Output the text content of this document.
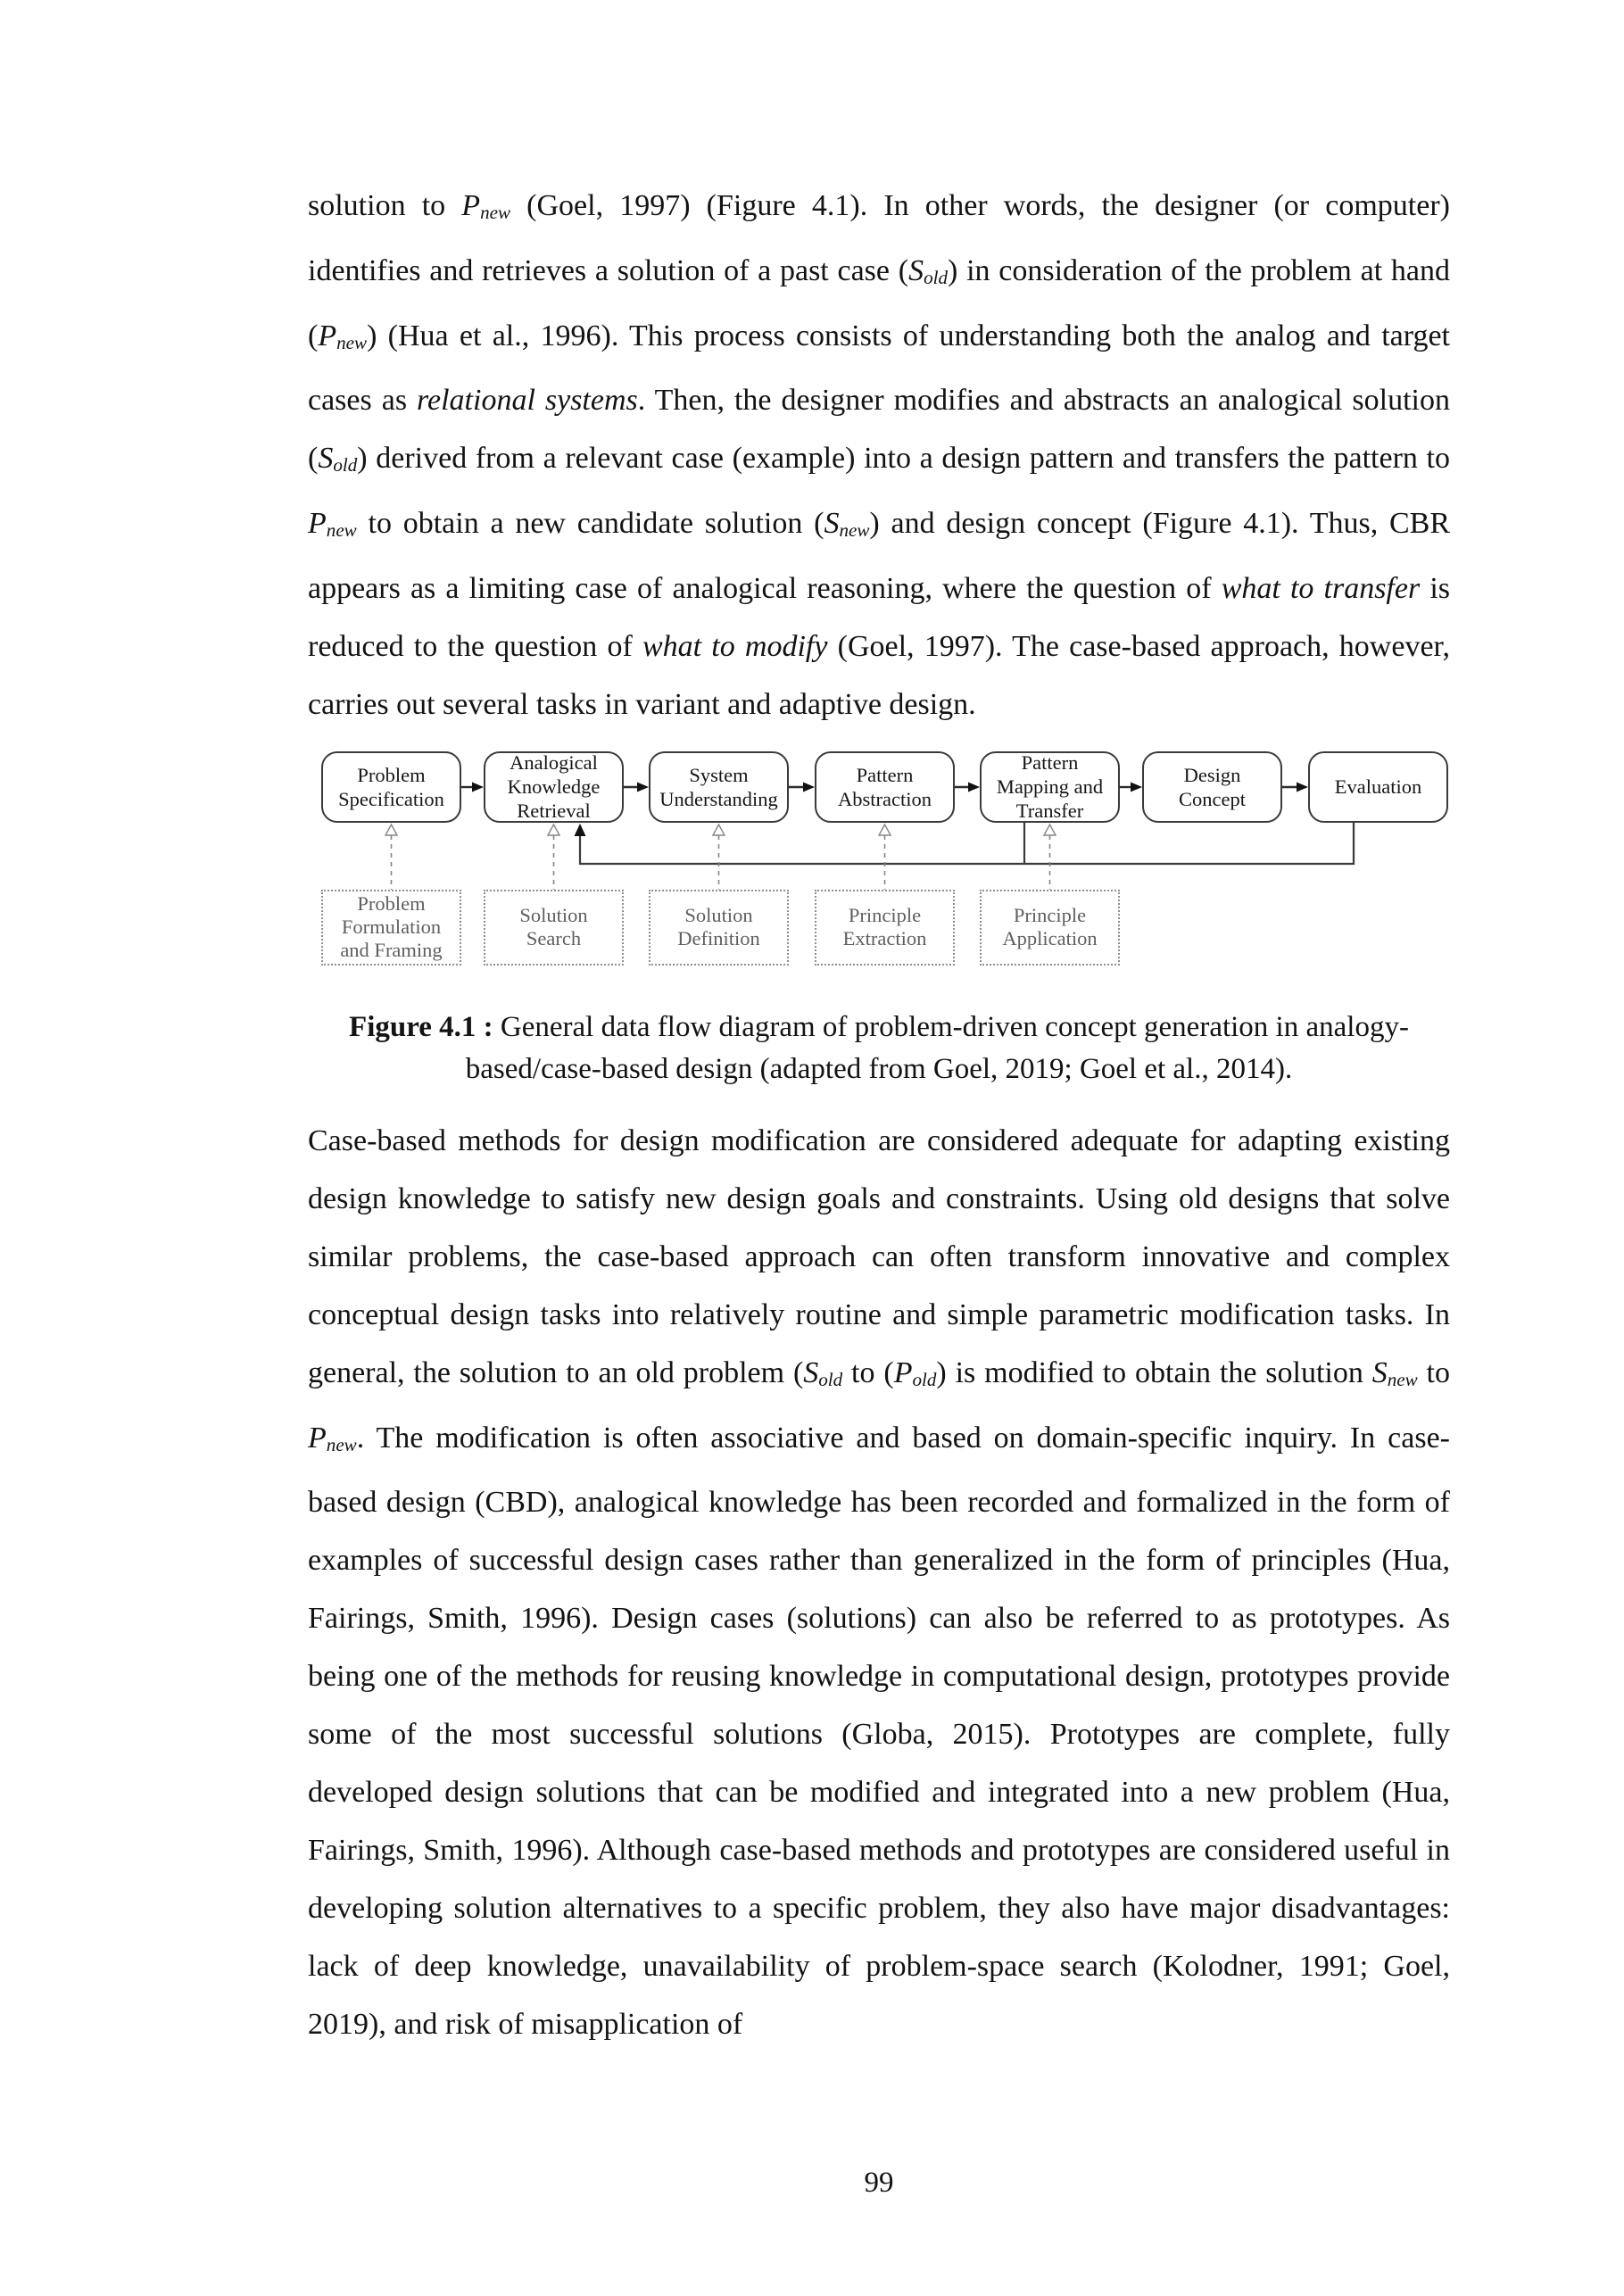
solution to Pnew (Goel, 1997) (Figure 4.1). In other words, the designer (or computer) identifies and retrieves a solution of a past case (Sold) in consideration of the problem at hand (Pnew) (Hua et al., 1996). This process consists of understanding both the analog and target cases as relational systems. Then, the designer modifies and abstracts an analogical solution (Sold) derived from a relevant case (example) into a design pattern and transfers the pattern to Pnew to obtain a new candidate solution (Snew) and design concept (Figure 4.1). Thus, CBR appears as a limiting case of analogical reasoning, where the question of what to transfer is reduced to the question of what to modify (Goel, 1997). The case-based approach, however, carries out several tasks in variant and adaptive design.

Problem Specification
Analogical Knowledge Retrieval
System Understanding
Pattern Abstraction
Pattern Mapping and Transfer
Design Concept
Evaluation
Problem Formulation and Framing
Solution Search
Solution Definition
Principle Extraction
Principle Application

Figure 4.1 : General data flow diagram of problem-driven concept generation in analogy-based/case-based design (adapted from Goel, 2019; Goel et al., 2014).

Case-based methods for design modification are considered adequate for adapting existing design knowledge to satisfy new design goals and constraints. Using old designs that solve similar problems, the case-based approach can often transform innovative and complex conceptual design tasks into relatively routine and simple parametric modification tasks. In general, the solution to an old problem (Sold to (Pold) is modified to obtain the solution Snew to Pnew. The modification is often associative and based on domain-specific inquiry. In case-based design (CBD), analogical knowledge has been recorded and formalized in the form of examples of successful design cases rather than generalized in the form of principles (Hua, Fairings, Smith, 1996). Design cases (solutions) can also be referred to as prototypes. As being one of the methods for reusing knowledge in computational design, prototypes provide some of the most successful solutions (Globa, 2015). Prototypes are complete, fully developed design solutions that can be modified and integrated into a new problem (Hua, Fairings, Smith, 1996). Although case-based methods and prototypes are considered useful in developing solution alternatives to a specific problem, they also have major disadvantages: lack of deep knowledge, unavailability of problem-space search (Kolodner, 1991; Goel, 2019), and risk of misapplication of

99
